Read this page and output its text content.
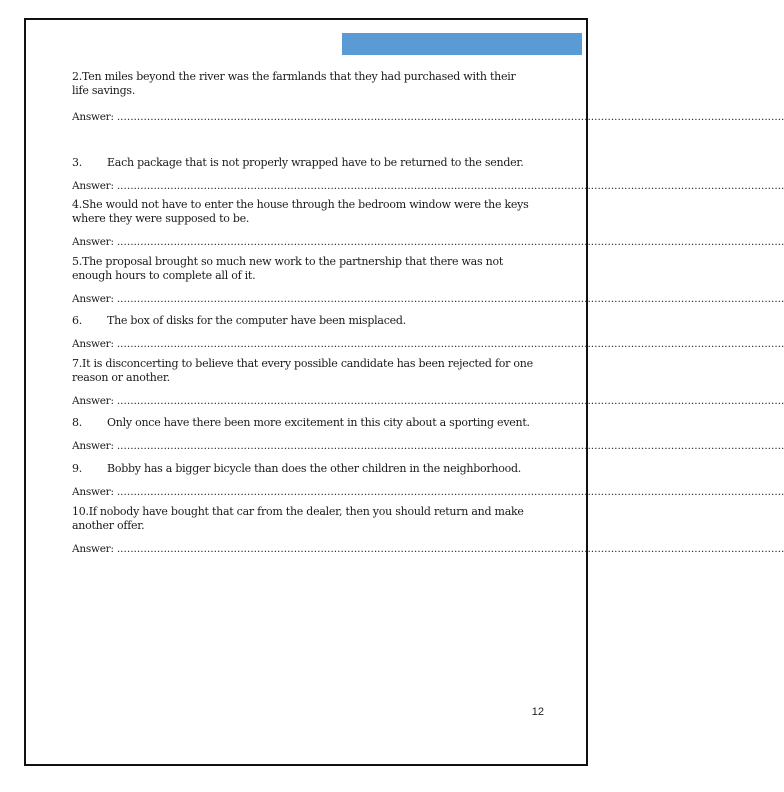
2.Ten miles beyond the river was the farmlands that they had purchased with their life savings.

Answer: ........................................................................................................................................................................................................

3. Each package that is not properly wrapped have to be returned to the sender.

Answer: ........................................................................................................................................................................................................

4.She would not have to enter the house through the bedroom window were the keys where they were supposed to be.

Answer: ........................................................................................................................................................................................................

5.The proposal brought so much new work to the partnership that there was not enough hours to complete all of it.

Answer: ........................................................................................................................................................................................................

6. The box of disks for the computer have been misplaced.

Answer: ........................................................................................................................................................................................................

7.It is disconcerting to believe that every possible candidate has been rejected for one reason or another.

Answer: ........................................................................................................................................................................................................

8. Only once have there been more excitement in this city about a sporting event.

Answer: ........................................................................................................................................................................................................

9. Bobby has a bigger bicycle than does the other children in the neighborhood.

Answer: ........................................................................................................................................................................................................

10.If nobody have bought that car from the dealer, then you should return and make another offer.

Answer: ........................................................................................................................................................................................................

12
